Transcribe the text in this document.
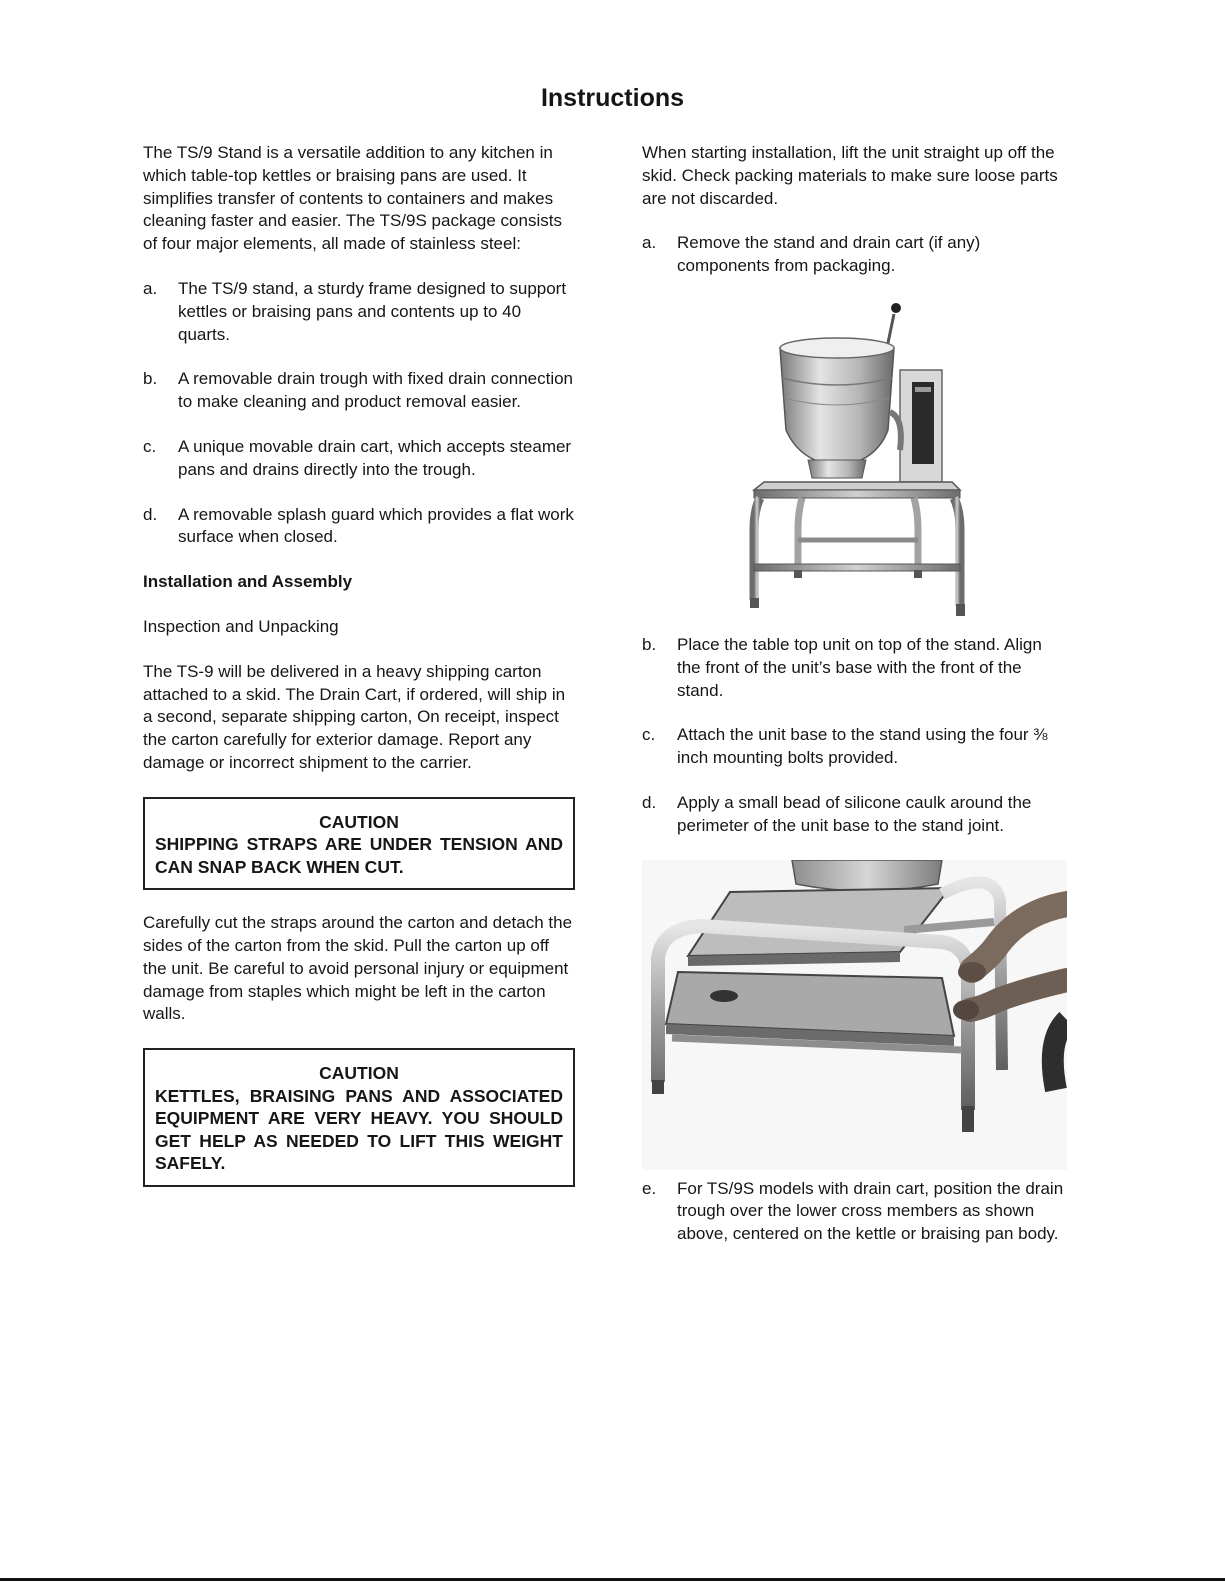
Instructions

The TS/9 Stand is a versatile addition to any kitchen in which table-top kettles or braising pans are used. It simplifies transfer of contents to containers and makes cleaning faster and easier. The TS/9S package consists of four major elements, all made of stainless steel:

a. The TS/9 stand, a sturdy frame designed to support kettles or braising pans and contents up to 40 quarts.
b. A removable drain trough with fixed drain connection to make cleaning and product removal easier.
c. A unique movable drain cart, which accepts steamer pans and drains directly into the trough.
d. A removable splash guard which provides a flat work surface when closed.
Installation and Assembly

Inspection and Unpacking

The TS-9 will be delivered in a heavy shipping carton attached to a skid. The Drain Cart, if ordered, will ship in a second, separate shipping carton, On receipt, inspect the carton carefully for exterior damage. Report any damage or incorrect shipment to the carrier.

CAUTION
SHIPPING STRAPS ARE UNDER TENSION AND CAN SNAP BACK WHEN CUT.

Carefully cut the straps around the carton and detach the sides of the carton from the skid. Pull the carton up off the unit. Be careful to avoid personal injury or equipment damage from staples which might be left in the carton walls.

CAUTION
KETTLES, BRAISING PANS AND ASSOCIATED EQUIPMENT ARE VERY HEAVY. YOU SHOULD GET HELP AS NEEDED TO LIFT THIS WEIGHT SAFELY.

When starting installation, lift the unit straight up off the skid. Check packing materials to make sure loose parts are not discarded.

a. Remove the stand and drain cart (if any) components from packaging.
b. Place the table top unit on top of the stand. Align the front of the unit’s base with the front of the stand.
c. Attach the unit base to the stand using the four ⅜ inch mounting bolts provided.
d. Apply a small bead of silicone caulk around the perimeter of the unit base to the stand joint.
e. For TS/9S models with drain cart, position the drain trough over the lower cross members as shown above, centered on the kettle or braising pan body.
